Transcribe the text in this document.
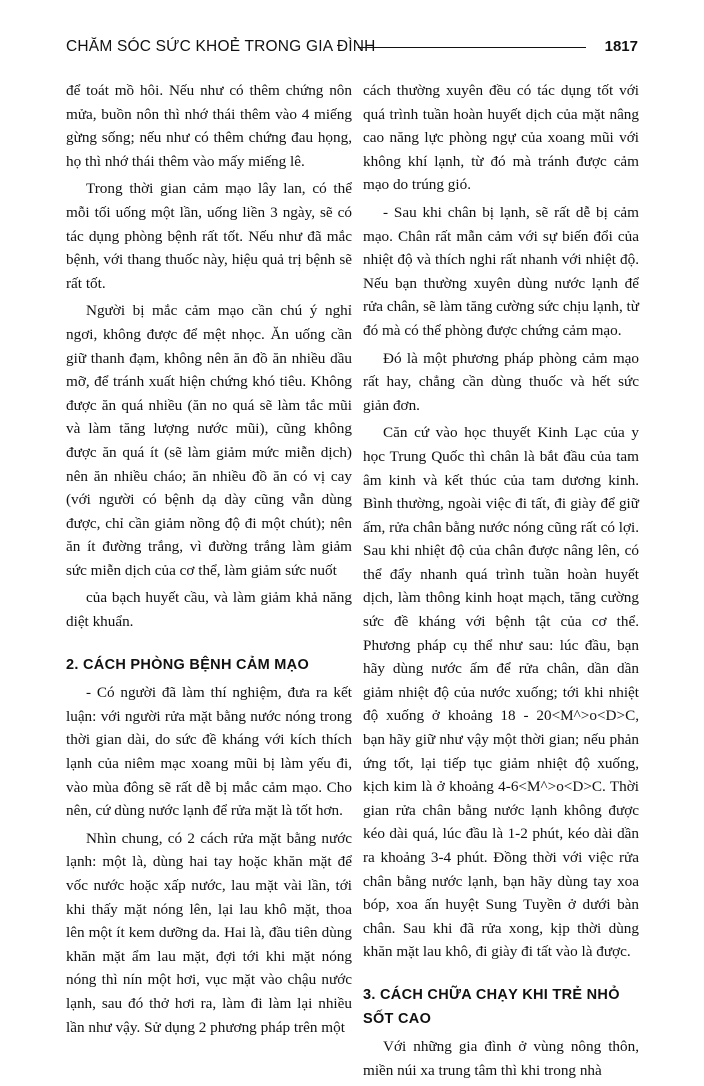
CHĂM SÓC SỨC KHOẺ TRONG GIA ĐÌNH	1817

để toát mồ hôi. Nếu như có thêm chứng nôn mửa, buồn nôn thì nhớ thái thêm vào 4 miếng gừng sống; nếu như có thêm chứng đau họng, họ thì nhớ thái thêm vào mấy miếng lê.

Trong thời gian cảm mạo lây lan, có thể mỗi tối uống một lần, uống liền 3 ngày, sẽ có tác dụng phòng bệnh rất tốt. Nếu như đã mắc bệnh, với thang thuốc này, hiệu quả trị bệnh sẽ rất tốt.

Người bị mắc cảm mạo cần chú ý nghỉ ngơi, không được để mệt nhọc. Ăn uống cần giữ thanh đạm, không nên ăn đồ ăn nhiều dầu mỡ, để tránh xuất hiện chứng khó tiêu. Không được ăn quá nhiều (ăn no quá sẽ làm tắc mũi và làm tăng lượng nước mũi), cũng không được ăn quá ít (sẽ làm giảm mức miễn dịch) nên ăn nhiều cháo; ăn nhiều đồ ăn có vị cay (với người có bệnh dạ dày cũng vẫn dùng được, chỉ cần giảm nồng độ đi một chút); nên ăn ít đường trắng, vì đường trắng làm giảm sức miễn dịch của cơ thể, làm giảm sức nuốt

của bạch huyết cầu, và làm giảm khả năng diệt khuẩn.

2. CÁCH PHÒNG BỆNH CẢM MẠO

- Có người đã làm thí nghiệm, đưa ra kết luận: với người rửa mặt bằng nước nóng trong thời gian dài, do sức đề kháng với kích thích lạnh của niêm mạc xoang mũi bị làm yếu đi, vào mùa đông sẽ rất dễ bị mắc cảm mạo. Cho nên, cứ dùng nước lạnh để rửa mặt là tốt hơn.

Nhìn chung, có 2 cách rửa mặt bằng nước lạnh: một là, dùng hai tay hoặc khăn mặt để vốc nước hoặc xấp nước, lau mặt vài lần, tới khi thấy mặt nóng lên, lại lau khô mặt, thoa lên một ít kem dưỡng da. Hai là, đầu tiên dùng khăn mặt ẩm lau mặt, đợi tới khi mặt nóng nóng thì nín một hơi, vục mặt vào chậu nước lạnh, sau đó thở hơi ra, làm đi làm lại nhiều lần như vậy. Sử dụng 2 phương pháp trên một

cách thường xuyên đều có tác dụng tốt với quá trình tuần hoàn huyết dịch của mặt nâng cao năng lực phòng ngự của xoang mũi với không khí lạnh, từ đó mà tránh được cảm mạo do trúng gió.

- Sau khi chân bị lạnh, sẽ rất dễ bị cảm mạo. Chân rất mẫn cảm với sự biến đổi của nhiệt độ và thích nghi rất nhanh với nhiệt độ. Nếu bạn thường xuyên dùng nước lạnh để rửa chân, sẽ làm tăng cường sức chịu lạnh, từ đó mà có thể phòng được chứng cảm mạo.

Đó là một phương pháp phòng cảm mạo rất hay, chẳng cần dùng thuốc và hết sức giản đơn.

Căn cứ vào học thuyết Kinh Lạc của y học Trung Quốc thì chân là bắt đầu của tam âm kinh và kết thúc của tam dương kinh. Bình thường, ngoài việc đi tất, đi giày để giữ ấm, rửa chân bằng nước nóng cũng rất có lợi. Sau khi nhiệt độ của chân được nâng lên, có thể đẩy nhanh quá trình tuần hoàn huyết dịch, làm thông kinh hoạt mạch, tăng cường sức đề kháng với bệnh tật của cơ thể. Phương pháp cụ thể như sau: lúc đầu, bạn hãy dùng nước ấm để rửa chân, dần dần giảm nhiệt độ của nước xuống; tới khi nhiệt độ xuống ở khoảng 18 - 20<M^>o<D>C, bạn hãy giữ như vậy một thời gian; nếu phản ứng tốt, lại tiếp tục giảm nhiệt độ xuống, kịch kim là ở khoảng 4-6<M^>o<D>C. Thời gian rửa chân bằng nước lạnh không được kéo dài quá, lúc đầu là 1-2 phút, kéo dài dần ra khoảng 3-4 phút. Đồng thời với việc rửa chân bằng nước lạnh, bạn hãy dùng tay xoa bóp, xoa ấn huyệt Sung Tuyền ở dưới bàn chân. Sau khi đã rửa xong, kịp thời dùng khăn mặt lau khô, đi giày đi tất vào là được.

3. CÁCH CHỮA CHẠY KHI TRẺ NHỎ SỐT CAO

Với những gia đình ở vùng nông thôn, miền núi xa trung tâm thì khi trong nhà
